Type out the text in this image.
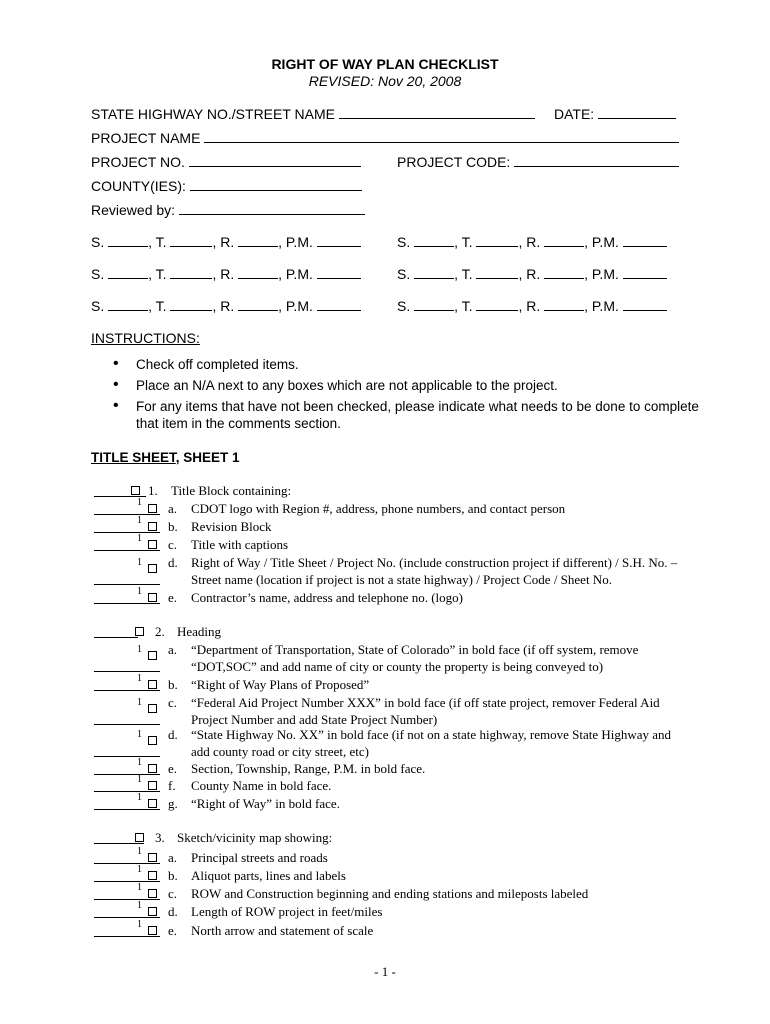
RIGHT OF WAY PLAN CHECKLIST
REVISED: Nov 20, 2008
STATE HIGHWAY NO./STREET NAME	DATE:
PROJECT NAME
PROJECT NO.	PROJECT CODE:
COUNTY(IES):
Reviewed by:
S.	, T.	, R.	, P.M.	S.	, T.	, R.	, P.M.
S.	, T.	, R.	, P.M.	S.	, T.	, R.	, P.M.
S.	, T.	, R.	, P.M.	S.	, T.	, R.	, P.M.
INSTRUCTIONS:
• Check off completed items.
• Place an N/A next to any boxes which are not applicable to the project.
• For any items that have not been checked, please indicate what needs to be done to complete that item in the comments section.
TITLE SHEET, SHEET 1
1. Title Block containing:
1 a. CDOT logo with Region #, address, phone numbers, and contact person
1 b. Revision Block
1 c. Title with captions
1 d. Right of Way / Title Sheet / Project No. (include construction project if different) / S.H. No. – Street name (location if project is not a state highway) / Project Code / Sheet No.
1 e. Contractor’s name, address and telephone no. (logo)
2. Heading
1 a. “Department of Transportation, State of Colorado” in bold face (if off system, remove “DOT,SOC” and add name of city or county the property is being conveyed to)
1 b. “Right of Way Plans of Proposed”
1 c. “Federal Aid Project Number XXX” in bold face (if off state project, remover Federal Aid Project Number and add State Project Number)
1 d. “State Highway No. XX” in bold face (if not on a state highway, remove State Highway and add county road or city street, etc)
1 e. Section, Township, Range, P.M. in bold face.
1 f. County Name in bold face.
1 g. “Right of Way” in bold face.
3. Sketch/vicinity map showing:
1 a. Principal streets and roads
1 b. Aliquot parts, lines and labels
1 c. ROW and Construction beginning and ending stations and mileposts labeled
1 d. Length of ROW project in feet/miles
1 e. North arrow and statement of scale
- 1 -
